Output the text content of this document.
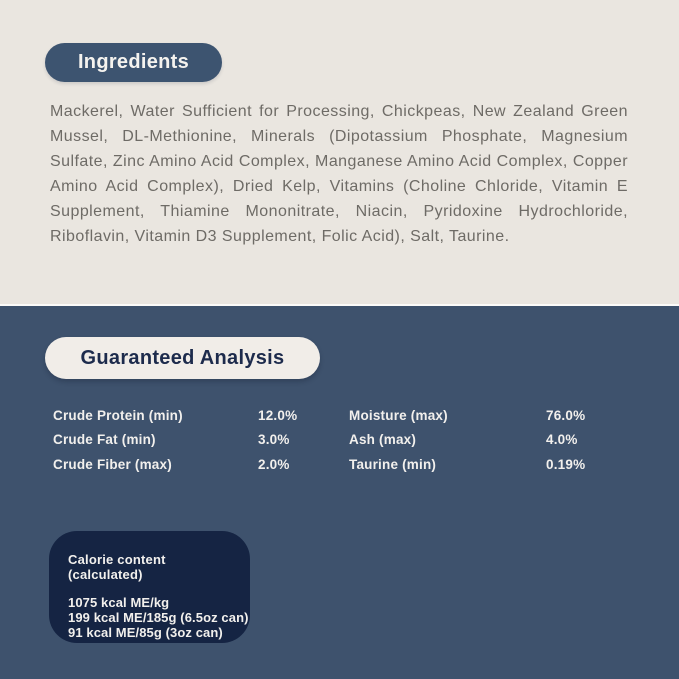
Ingredients

Mackerel, Water Sufficient for Processing, Chickpeas, New Zealand Green Mussel, DL-Methionine, Minerals (Dipotassium Phosphate, Magnesium Sulfate, Zinc Amino Acid Complex, Manganese Amino Acid Complex, Copper Amino Acid Complex), Dried Kelp, Vitamins (Choline Chloride, Vitamin E Supplement, Thiamine Mononitrate, Niacin, Pyridoxine Hydrochloride, Riboflavin, Vitamin D3 Supplement, Folic Acid), Salt, Taurine.

Guaranteed Analysis
Crude Protein (min)	12.0%	Moisture (max)	76.0%
Crude Fat (min)	3.0%	Ash (max)	4.0%
Crude Fiber (max)	2.0%	Taurine (min)	0.19%
Calorie content (calculated)
1075 kcal ME/kg
199 kcal ME/185g (6.5oz can)
91 kcal ME/85g (3oz can)
